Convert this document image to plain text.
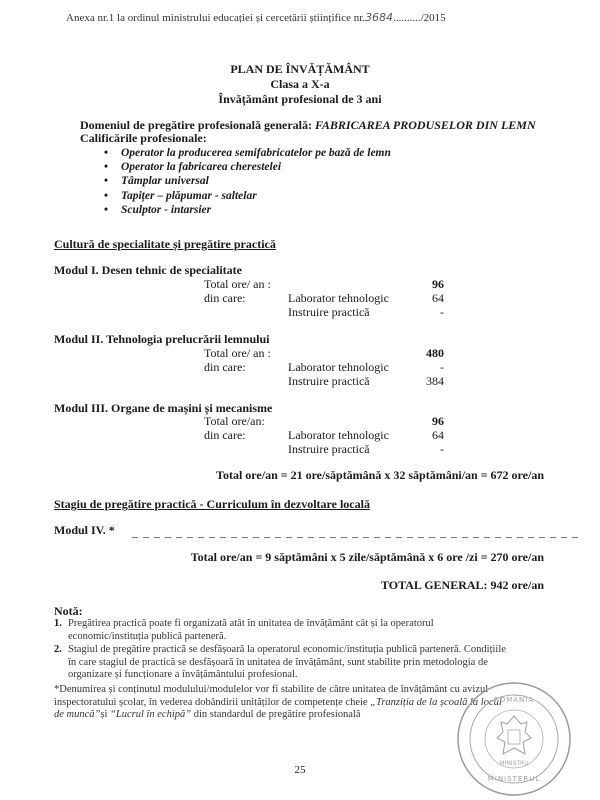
Anexa nr.1 la ordinul ministrului educației și cercetării științifice nr.3684........../2015
PLAN DE ÎNVĂȚĂMÂNT
Clasa a X-a
Învățământ profesional de 3 ani
Domeniul de pregătire profesională generală: FABRICAREA PRODUSELOR DIN LEMN
Calificările profesionale:
• Operator la producerea semifabricatelor pe bază de lemn
• Operator la fabricarea cherestelei
• Tâmplar universal
• Tapițer – plăpumar - saltelar
• Sculptor - intarsier
Cultură de specialitate și pregătire practică
Modul I. Desen tehnic de specialitate
Total ore/ an :	96
din care:	Laborator tehnologic	64
Instruire practică	-
Modul II. Tehnologia prelucrării lemnului
Total ore/ an :	480
din care:	Laborator tehnologic	-
Instruire practică	384
Modul III. Organe de mașini și mecanisme
Total ore/an:	96
din care:	Laborator tehnologic	64
Instruire practică	-
Total ore/an = 21 ore/săptămână x 32 săptămâni/an = 672 ore/an
Stagiu de pregătire practică - Curriculum în dezvoltare locală
Modul IV. * _ _ _ _ _ _ _ _ _ _ _ _ _ _ _ _ _ _ _ _ _ _ _ _ _ _ _ _ _ _ _ _ _ _ _ _ _ _ _ _ _
Total ore/an = 9 săptămâni x 5 zile/săptămână x 6 ore /zi = 270 ore/an
TOTAL GENERAL: 942 ore/an
Notă:
1. Pregătirea practică poate fi organizată atât în unitatea de învățământ cât și la operatorul
economic/instituția publică parteneră.
2. Stagiul de pregătire practică se desfășoară la operatorul economic/instituția publică parteneră. Condițiile
în care stagiul de practică se desfășoară în unitatea de învățământ, sunt stabilite prin metodologia de
organizare și funcționare a învățământului profesional.
*Denumirea și conținutul modulului/modulelor vor fi stabilite de către unitatea de învățământ cu avizul
inspectoratului școlar, în vederea dobândirii unităților de competențe cheie „Tranziția de la școală la locul
de muncă”și “Lucrul în echipă” din standardul de pregătire profesională
ROMÂNIA
MINISTERUL
MINISTRU
25
